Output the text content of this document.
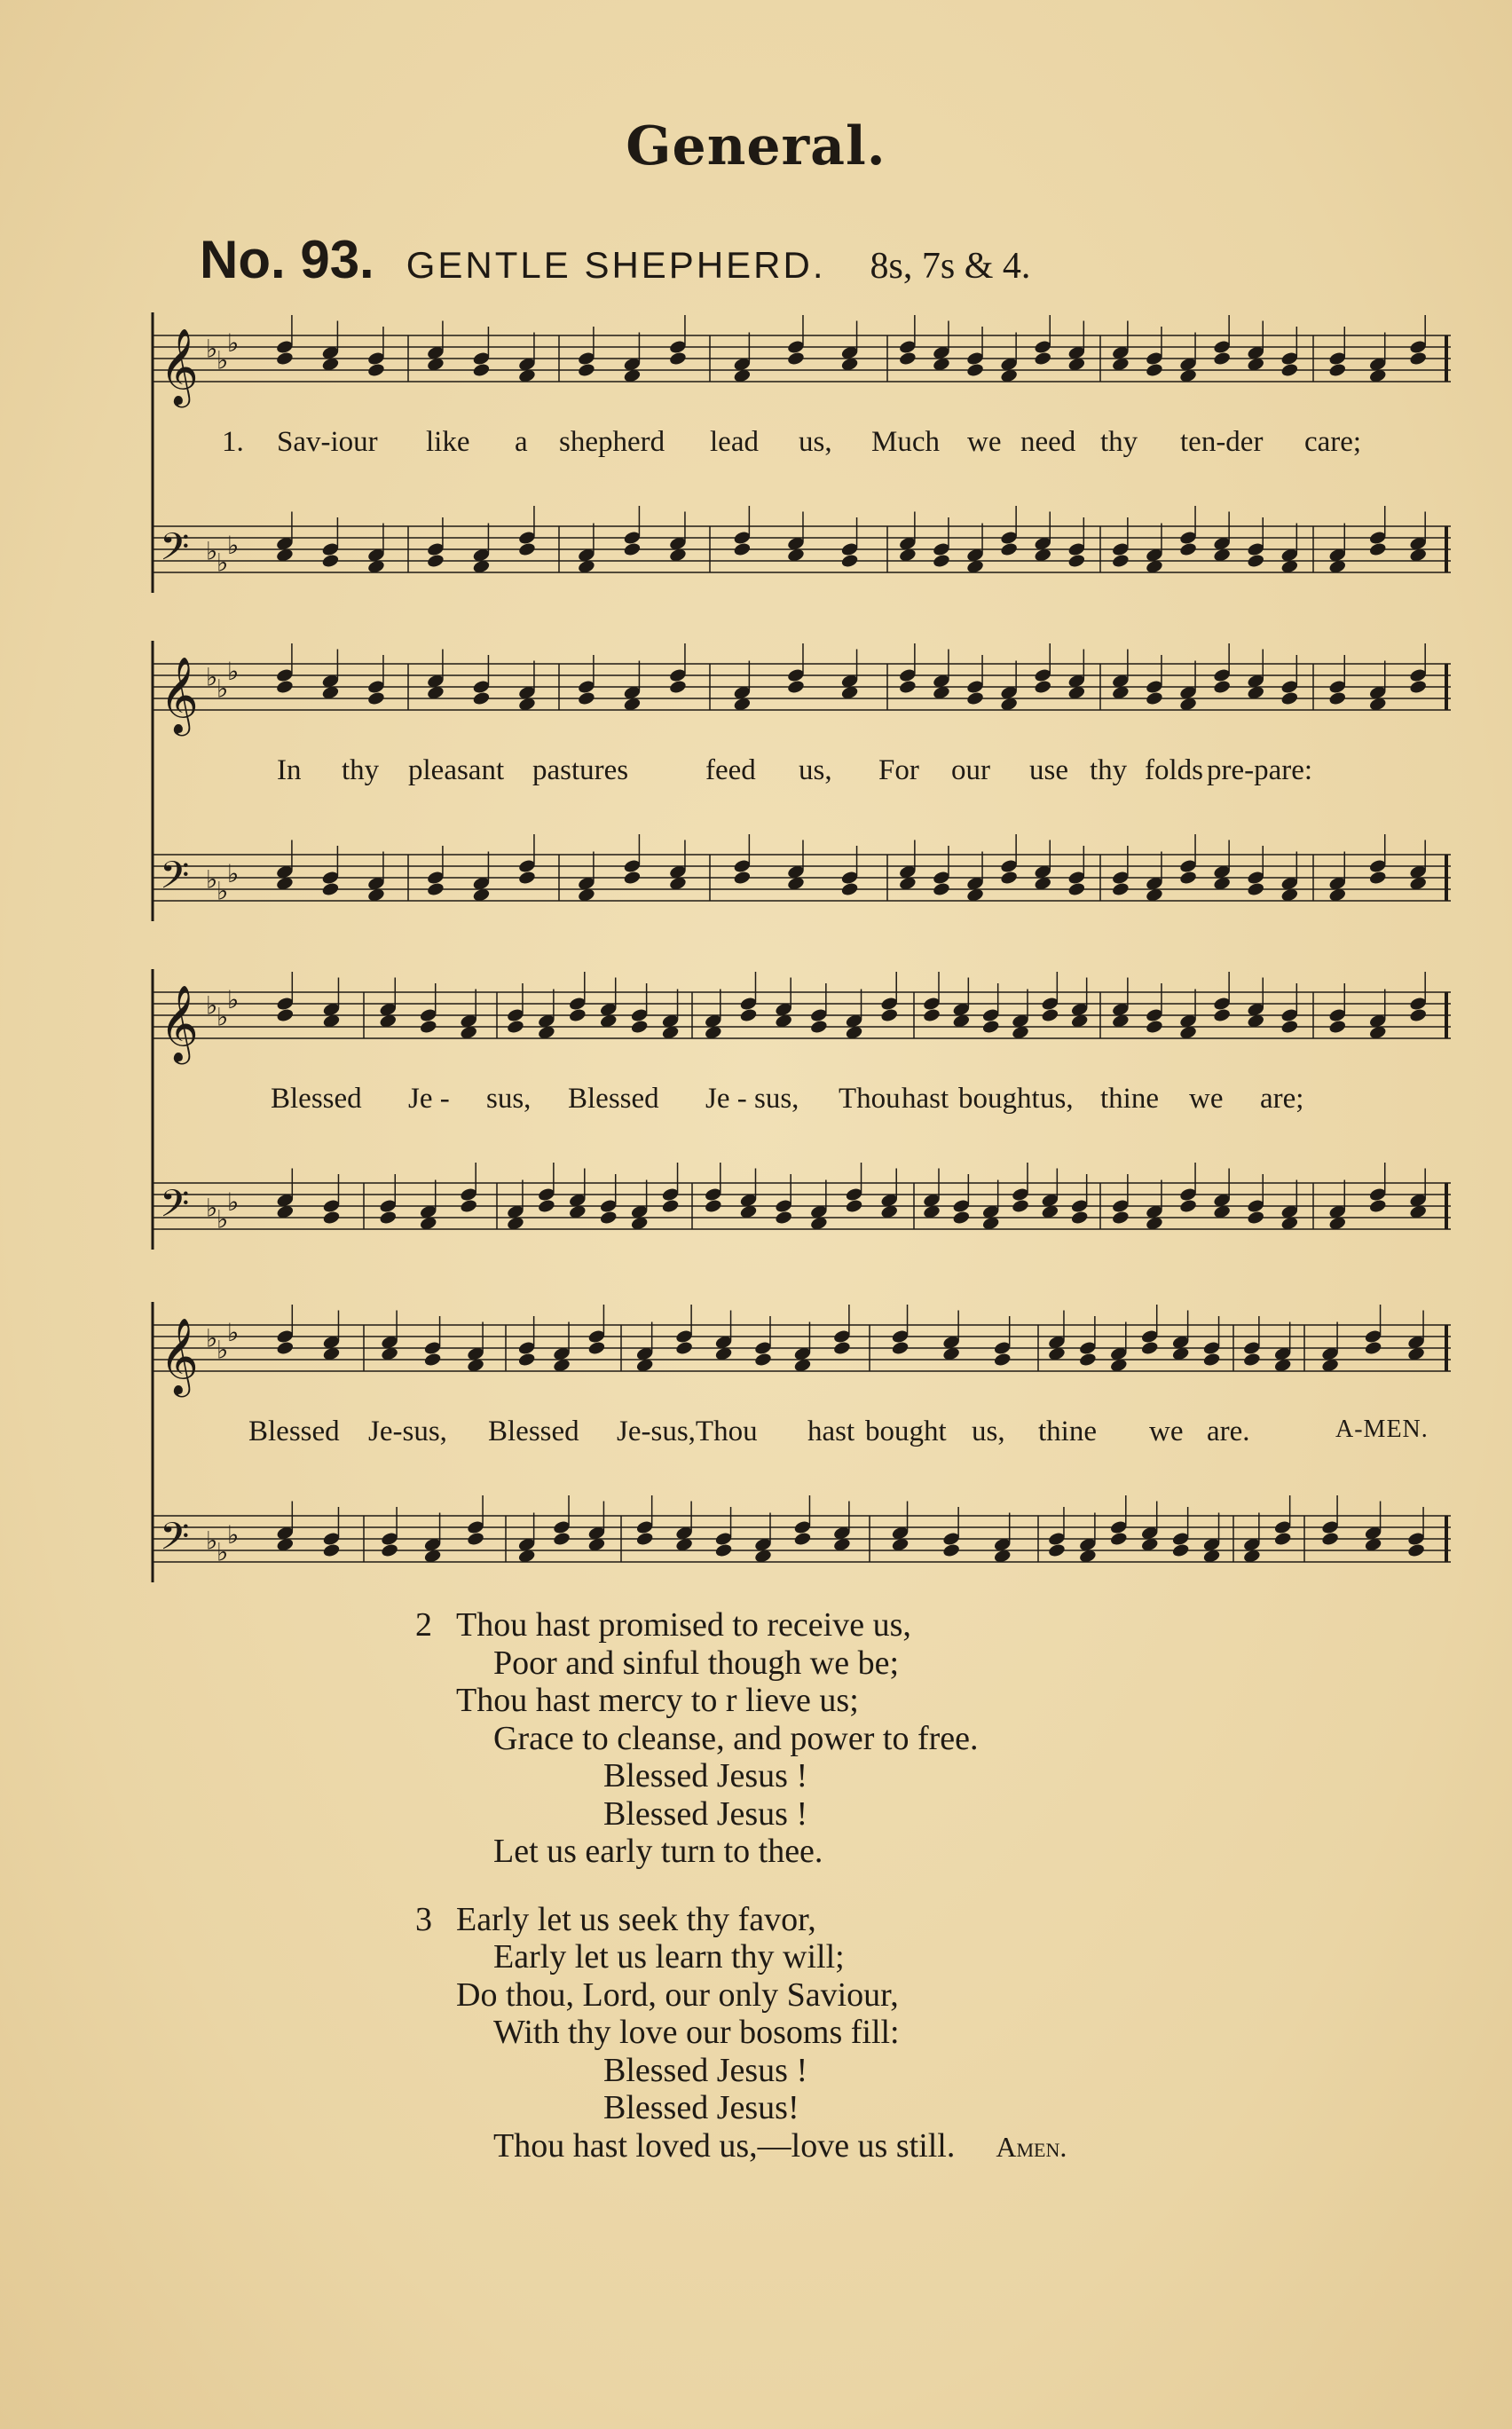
General.
No. 93. GENTLE SHEPHERD. 8s, 7s & 4.
𝄞 ♭
♭
♭
𝄢 ♭
♭
♭
1. Sav-iour like a shepherd lead us, Much we need thy ten-der care;
𝄞 ♭
♭
♭
𝄢 ♭
♭
♭
In thy pleasant pastures	feed us, For our use thy folds pre-pare:
𝄞 ♭
♭
♭
𝄢 ♭
♭
♭
Blessed Je - sus, Blessed Je - sus, Thou hast bought us, thine we are;
𝄞 ♭
♭
♭
𝄢 ♭
♭
♭
Blessed Je-sus, Blessed Je-sus,Thou hast bought us, thine we are.	A-MEN.
2 Thou hast promised to receive us,
Poor and sinful though we be;
Thou hast mercy to r lieve us;
Grace to cleanse, and power to free.
Blessed Jesus !
Blessed Jesus !
Let us early turn to thee.
3 Early let us seek thy favor,
Early let us learn thy will;
Do thou, Lord, our only Saviour,
With thy love our bosoms fill:
Blessed Jesus !
Blessed Jesus!
Thou hast loved us,—love us still. Amen.
